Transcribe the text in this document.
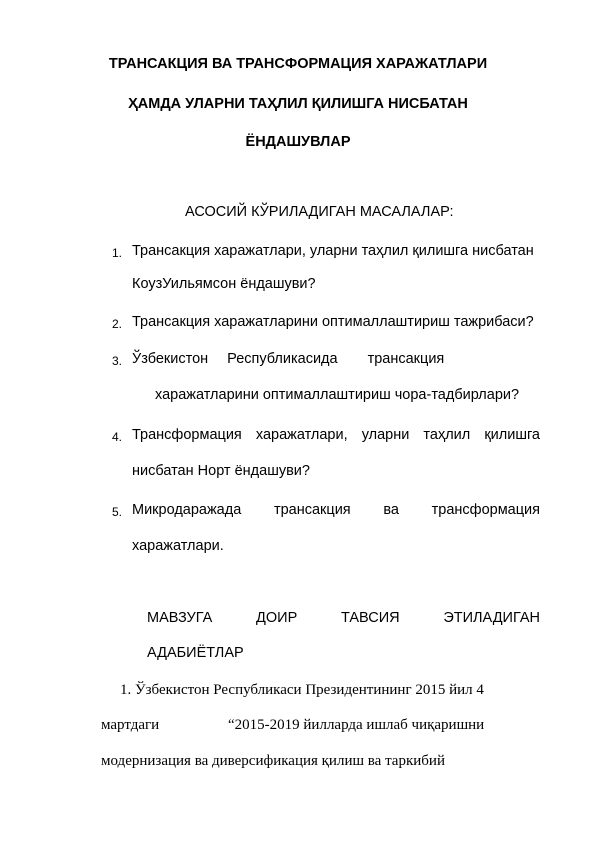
ТРАНСАКЦИЯ ВА ТРАНСФОРМАЦИЯ ХАРАЖАТЛАРИ
ҲАМДА УЛАРНИ ТАҲЛИЛ ҚИЛИШГА НИСБАТАН
ЁНДАШУВЛАР
АСОСИЙ КЎРИЛАДИГАН МАСАЛАЛАР:
1. Трансакция харажатлари, уларни таҳлил қилишга нисбатан
КоузУильямсон ёндашуви?
2. Трансакция харажатларини оптималлаштириш тажрибаси?
3. Ўзбекистон Республикасида трансакция
харажатларини оптималлаштириш чора-тадбирлари?
4. Трансформация харажатлари, уларни таҳлил қилишга
нисбатан Норт ёндашуви?
5. Микродаражада трансакция ва трансформация
харажатлари.
МАВЗУГА	ДОИР	ТАВСИЯ	ЭТИЛАДИГАН
АДАБИЁТЛАР
1. Ўзбекистон Республикаси Президентининг 2015 йил 4
мартдаги	“2015-2019 йилларда ишлаб чиқаришни
модернизация ва диверсификация қилиш ва таркибий
